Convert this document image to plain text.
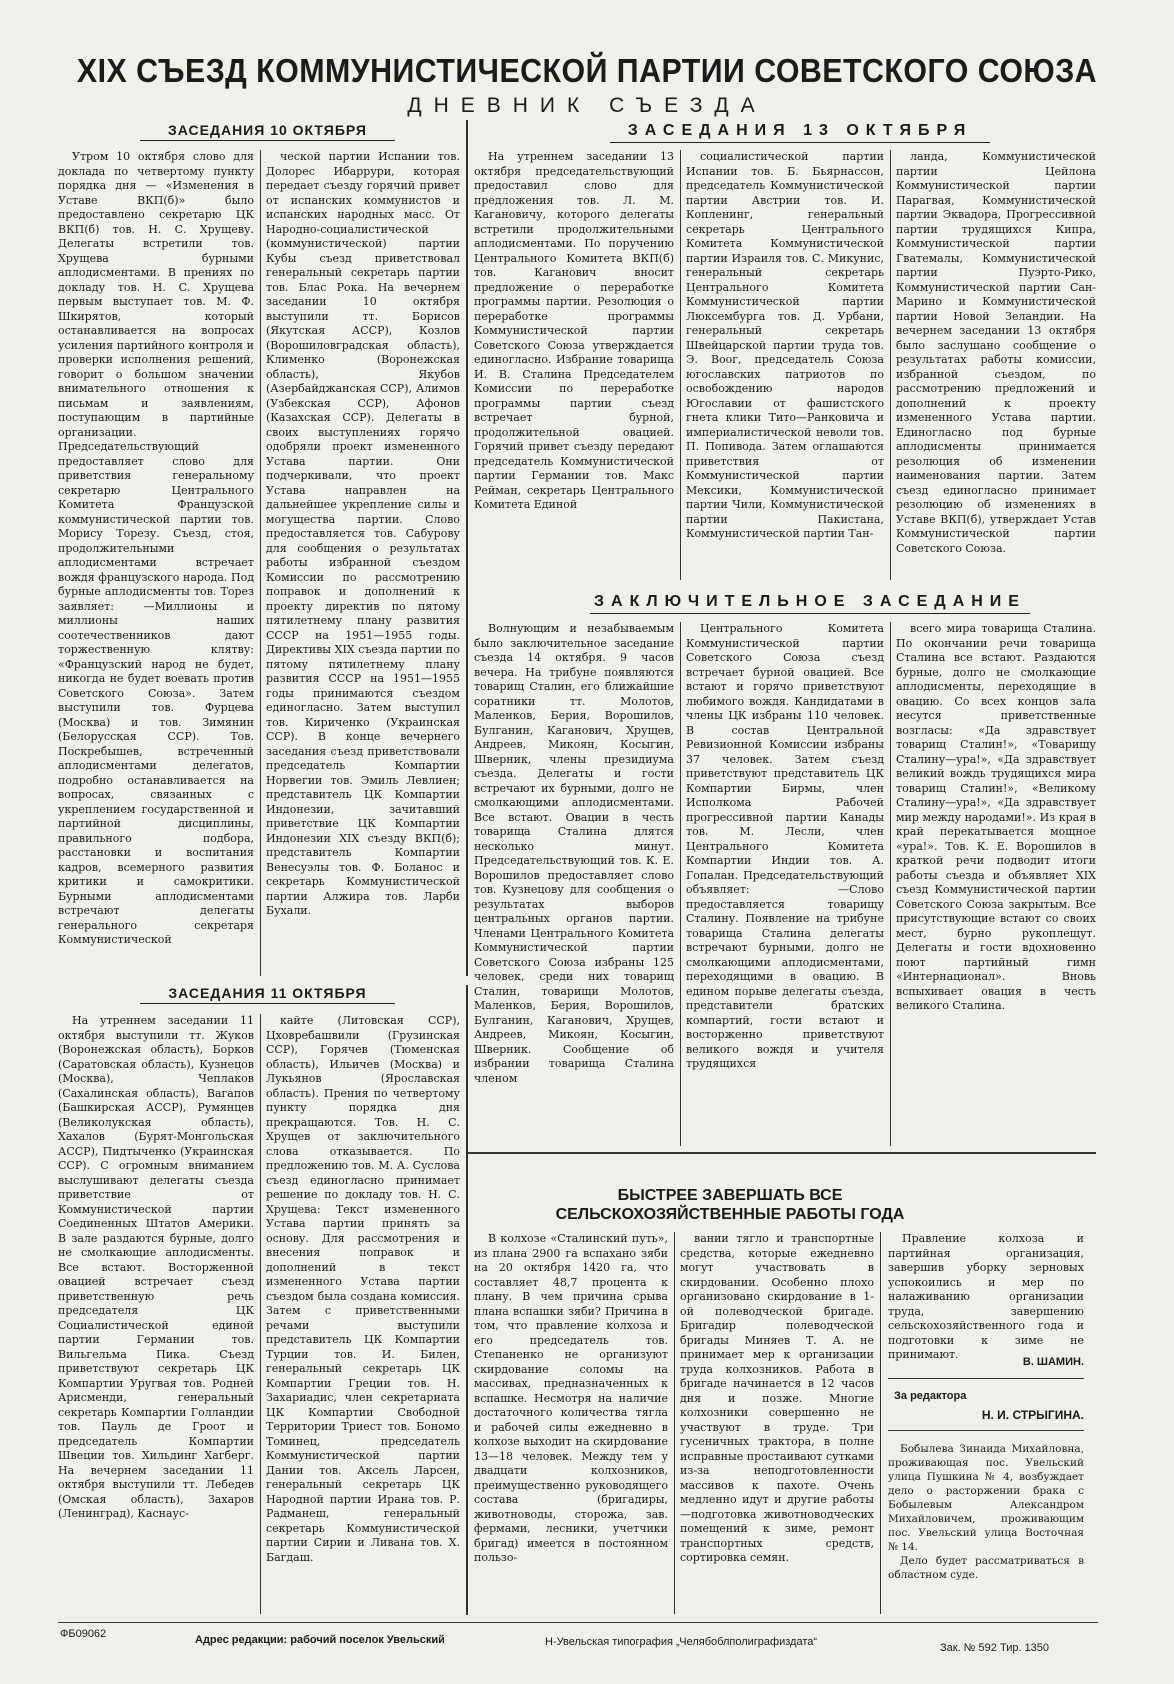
XIX СЪЕЗД КОММУНИСТИЧЕСКОЙ ПАРТИИ СОВЕТСКОГО СОЮЗА
ДНЕВНИК СЪЕЗДА
ЗАСЕДАНИЯ 10 ОКТЯБРЯ

Утром 10 октября слово для доклада по четвертому пункту порядка дня — «Изменения в Уставе ВКП(б)» было предоставлено секретарю ЦК ВКП(б) тов. Н. С. Хрущеву. Делегаты встретили тов. Хрущева бурными аплодисментами. В прениях по докладу тов. Н. С. Хрущева первым выступает тов. М. Ф. Шкирятов, который останавливается на вопросах усиления партийного контроля и проверки исполнения решений, говорит о большом значении внимательного отношения к письмам и заявлениям, поступающим в партийные организации. Председательствующий предоставляет слово для приветствия генеральному секретарю Центрального Комитета Французской коммунистической партии тов. Морису Торезу. Съезд, стоя, продолжительными аплодисментами встречает вождя французского народа. Под бурные аплодисменты тов. Торез заявляет: —Миллионы и миллионы наших соотечественников дают торжественную клятву: «Французский народ не будет, никогда не будет воевать против Советского Союза». Затем выступили тов. Фурцева (Москва) и тов. Зимянин (Белорусская ССР). Тов. Поскребышев, встреченный аплодисментами делегатов, подробно останавливается на вопросах, связанных с укреплением государственной и партийной дисциплины, правильного подбора, расстановки и воспитания кадров, всемерного развития критики и самокритики. Бурными аплодисментами встречают делегаты генерального секретаря Коммунистической

ческой партии Испании тов. Долорес Ибаррури, которая передает съезду горячий привет от испанских коммунистов и испанских народных масс. От Народно-социалистической (коммунистической) партии Кубы съезд приветствовал генеральный секретарь партии тов. Блас Рока. На вечернем заседании 10 октября выступили тт. Борисов (Якутская АССР), Козлов (Ворошиловградская область), Клименко (Воронежская область), Якубов (Азербайджанская ССР), Алимов (Узбекская ССР), Афонов (Казахская ССР). Делегаты в своих выступлениях горячо одобряли проект измененного Устава партии. Они подчеркивали, что проект Устава направлен на дальнейшее укрепление силы и могущества партии. Слово предоставляется тов. Сабурову для сообщения о результатах работы избранной съездом Комиссии по рассмотрению поправок и дополнений к проекту директив по пятому пятилетнему плану развития СССР на 1951—1955 годы. Директивы XIX съезда партии по пятому пятилетнему плану развития СССР на 1951—1955 годы принимаются съездом единогласно. Затем выступил тов. Кириченко (Украинская ССР). В конце вечернего заседания съезд приветствовали председатель Компартии Норвегии тов. Эмиль Левлиен; представитель ЦК Компартии Индонезии, зачитавший приветствие ЦК Компартии Индонезии XIX съезду ВКП(б); представитель Компартии Венесуэлы тов. Ф. Боланос и секретарь Коммунистической партии Алжира тов. Ларби Бухали.

ЗАСЕДАНИЯ 13 ОКТЯБРЯ

На утреннем заседании 13 октября председательствующий предоставил слово для предложения тов. Л. М. Кагановичу, которого делегаты встретили продолжительными аплодисментами. По поручению Центрального Комитета ВКП(б) тов. Каганович вносит предложение о переработке программы партии. Резолюция о переработке программы Коммунистической партии Советского Союза утверждается единогласно. Избрание товарища И. В. Сталина Председателем Комиссии по переработке программы партии съезд встречает бурной, продолжительной овацией. Горячий привет съезду передают председатель Коммунистической партии Германии тов. Макс Рейман, секретарь Центрального Комитета Единой

социалистической партии Испании тов. Б. Бьярнассон, председатель Коммунистической партии Австрии тов. И. Копленинг, генеральный секретарь Центрального Комитета Коммунистической партии Израиля тов. С. Микунис, генеральный секретарь Центрального Комитета Коммунистической партии Люксембурга тов. Д. Урбани, генеральный секретарь Швейцарской партии труда тов. Э. Воог, председатель Союза югославских патриотов по освобождению народов Югославии от фашистского гнета клики Тито—Ранковича и империалистической неволи тов. П. Попивода. Затем оглашаются приветствия от Коммунистической партии Мексики, Коммунистической партии Чили, Коммунистической партии Пакистана, Коммунистической партии Тан-

ланда, Коммунистической партии Цейлона Коммунистической партии Парагвая, Коммунистической партии Эквадора, Прогрессивной партии трудящихся Кипра, Коммунистической партии Гватемалы, Коммунистической партии Пуэрто-Рико, Коммунистической партии Сан-Марино и Коммунистической партии Новой Зеландии. На вечернем заседании 13 октября было заслушано сообщение о результатах работы комиссии, избранной съездом, по рассмотрению предложений и дополнений к проекту измененного Устава партии. Единогласно под бурные аплодисменты принимается резолюция об изменении наименования партии. Затем съезд единогласно принимает резолюцию об изменениях в Уставе ВКП(б), утверждает Устав Коммунистической партии Советского Союза.

ЗАКЛЮЧИТЕЛЬНОЕ ЗАСЕДАНИЕ

Волнующим и незабываемым было заключительное заседание съезда 14 октября. 9 часов вечера. На трибуне появляются товарищ Сталин, его ближайшие соратники тт. Молотов, Маленков, Берия, Ворошилов, Булганин, Каганович, Хрущев, Андреев, Микоян, Косыгин, Шверник, члены президиума съезда. Делегаты и гости встречают их бурными, долго не смолкающими аплодисментами. Все встают. Овации в честь товарища Сталина длятся несколько минут. Председательствующий тов. К. Е. Ворошилов предоставляет слово тов. Кузнецову для сообщения о результатах выборов центральных органов партии. Членами Центрального Комитета Коммунистической партии Советского Союза избраны 125 человек, среди них товарищ Сталин, товарищи Молотов, Маленков, Берия, Ворошилов, Булганин, Каганович, Хрущев, Андреев, Микоян, Косыгин, Шверник. Сообщение об избрании товарища Сталина членом

Центрального Комитета Коммунистической партии Советского Союза съезд встречает бурной овацией. Все встают и горячо приветствуют любимого вождя. Кандидатами в члены ЦК избраны 110 человек. В состав Центральной Ревизионной Комиссии избраны 37 человек. Затем съезд приветствуют представитель ЦК Компартии Бирмы, член Исполкома Рабочей прогрессивной партии Канады тов. М. Лесли, член Центрального Комитета Компартии Индии тов. А. Гопалан. Председательствующий объявляет: —Слово предоставляется товарищу Сталину. Появление на трибуне товарища Сталина делегаты встречают бурными, долго не смолкающими аплодисментами, переходящими в овацию. В едином порыве делегаты съезда, представители братских компартий, гости встают и восторженно приветствуют великого вождя и учителя трудящихся

всего мира товарища Сталина. По окончании речи товарища Сталина все встают. Раздаются бурные, долго не смолкающие аплодисменты, переходящие в овацию. Со всех концов зала несутся приветственные возгласы: «Да здравствует товарищ Сталин!», «Товарищу Сталину—ура!», «Да здравствует великий вождь трудящихся мира товарищ Сталин!», «Великому Сталину—ура!», «Да здравствует мир между народами!». Из края в край перекатывается мощное «ура!». Тов. К. Е. Ворошилов в краткой речи подводит итоги работы съезда и объявляет XIX съезд Коммунистической партии Советского Союза закрытым. Все присутствующие встают со своих мест, бурно рукоплещут. Делегаты и гости вдохновенно поют партийный гимн «Интернационал». Вновь вспыхивает овация в честь великого Сталина.

ЗАСЕДАНИЯ 11 ОКТЯБРЯ

На утреннем заседании 11 октября выступили тт. Жуков (Воронежская область), Борков (Саратовская область), Кузнецов (Москва), Чеплаков (Сахалинская область), Вагапов (Башкирская АССР), Румянцев (Великолукская область), Хахалов (Бурят-Монгольская АССР), Пидтыченко (Украинская ССР). С огромным вниманием выслушивают делегаты съезда приветствие от Коммунистической партии Соединенных Штатов Америки. В зале раздаются бурные, долго не смолкающие аплодисменты. Все встают. Восторженной овацией встречает съезд приветственную речь председателя ЦК Социалистической единой партии Германии тов. Вильгельма Пика. Съезд приветствуют секретарь ЦК Компартии Уругвая тов. Родней Арисменди, генеральный секретарь Компартии Голландии тов. Пауль де Гроот и председатель Компартии Швеции тов. Хильдинг Хагберг. На вечернем заседании 11 октября выступили тт. Лебедев (Омская область), Захаров (Ленинград), Каснаус-

кайте (Литовская ССР), Цховребашвили (Грузинская ССР), Горячев (Тюменская область), Ильичев (Москва) и Лукьянов (Ярославская область). Прения по четвертому пункту порядка дня прекращаются. Тов. Н. С. Хрущев от заключительного слова отказывается. По предложению тов. М. А. Суслова съезд единогласно принимает решение по докладу тов. Н. С. Хрущева: Текст измененного Устава партии принять за основу. Для рассмотрения и внесения поправок и дополнений в текст измененного Устава партии съездом была создана комиссия. Затем с приветственными речами выступили представитель ЦК Компартии Турции тов. И. Билен, генеральный секретарь ЦК Компартии Греции тов. Н. Захариадис, член секретариата ЦК Компартии Свободной Территории Триест тов. Бономо Томинец, председатель Коммунистической партии Дании тов. Аксель Ларсен, генеральный секретарь ЦК Народной партии Ирана тов. Р. Радманеш, генеральный секретарь Коммунистической партии Сирии и Ливана тов. Х. Багдаш.

БЫСТРЕЕ ЗАВЕРШАТЬ ВСЕ
СЕЛЬСКОХОЗЯЙСТВЕННЫЕ РАБОТЫ ГОДА

В колхозе «Сталинский путь», из плана 2900 га вспахано зяби на 20 октября 1420 га, что составляет 48,7 процента к плану. В чем причина срыва плана вспашки зяби? Причина в том, что правление колхоза и его председатель тов. Степаненко не организуют скирдование соломы на массивах, предназначенных к вспашке. Несмотря на наличие достаточного количества тягла и рабочей силы ежедневно в колхозе выходит на скирдование 13—18 человек. Между тем у двадцати колхозников, преимущественно руководящего состава (бригадиры, животноводы, сторожа, зав. фермами, лесники, учетчики бригад) имеется в постоянном пользо-

вании тягло и транспортные средства, которые ежедневно могут участвовать в скирдовании. Особенно плохо организовано скирдование в 1-ой полеводческой бригаде. Бригадир полеводческой бригады Миняев Т. А. не принимает мер к организации труда колхозников. Работа в бригаде начинается в 12 часов дня и позже. Многие колхозники совершенно не участвуют в труде. Три гусеничных трактора, в полне исправные простаивают сутками из-за неподготовленности массивов к пахоте. Очень медленно идут и другие работы—подготовка животноводческих помещений к зиме, ремонт транспортных средств, сортировка семян.

Правление колхоза и партийная организация, завершив уборку зерновых успокоились и мер по налаживанию организации труда, завершению сельскохозяйственного года и подготовки к зиме не принимают.

В. ШАМИН.
За редактора
Н. И. СТРЫГИНА.

Бобылева Зинаида Михайловна, проживающая пос. Увельский улица Пушкина № 4, возбуждает дело о расторжении брака с Бобылевым Александром Михайловичем, проживающим пос. Увельский улица Восточная № 14.

Дело будет рассматриваться в областном суде.

ФБ09062	Адрес редакции: рабочий поселок Увельский	Н-Увельская типография „Челябоблполиграфиздата“	Зак. № 592 Тир. 1350
